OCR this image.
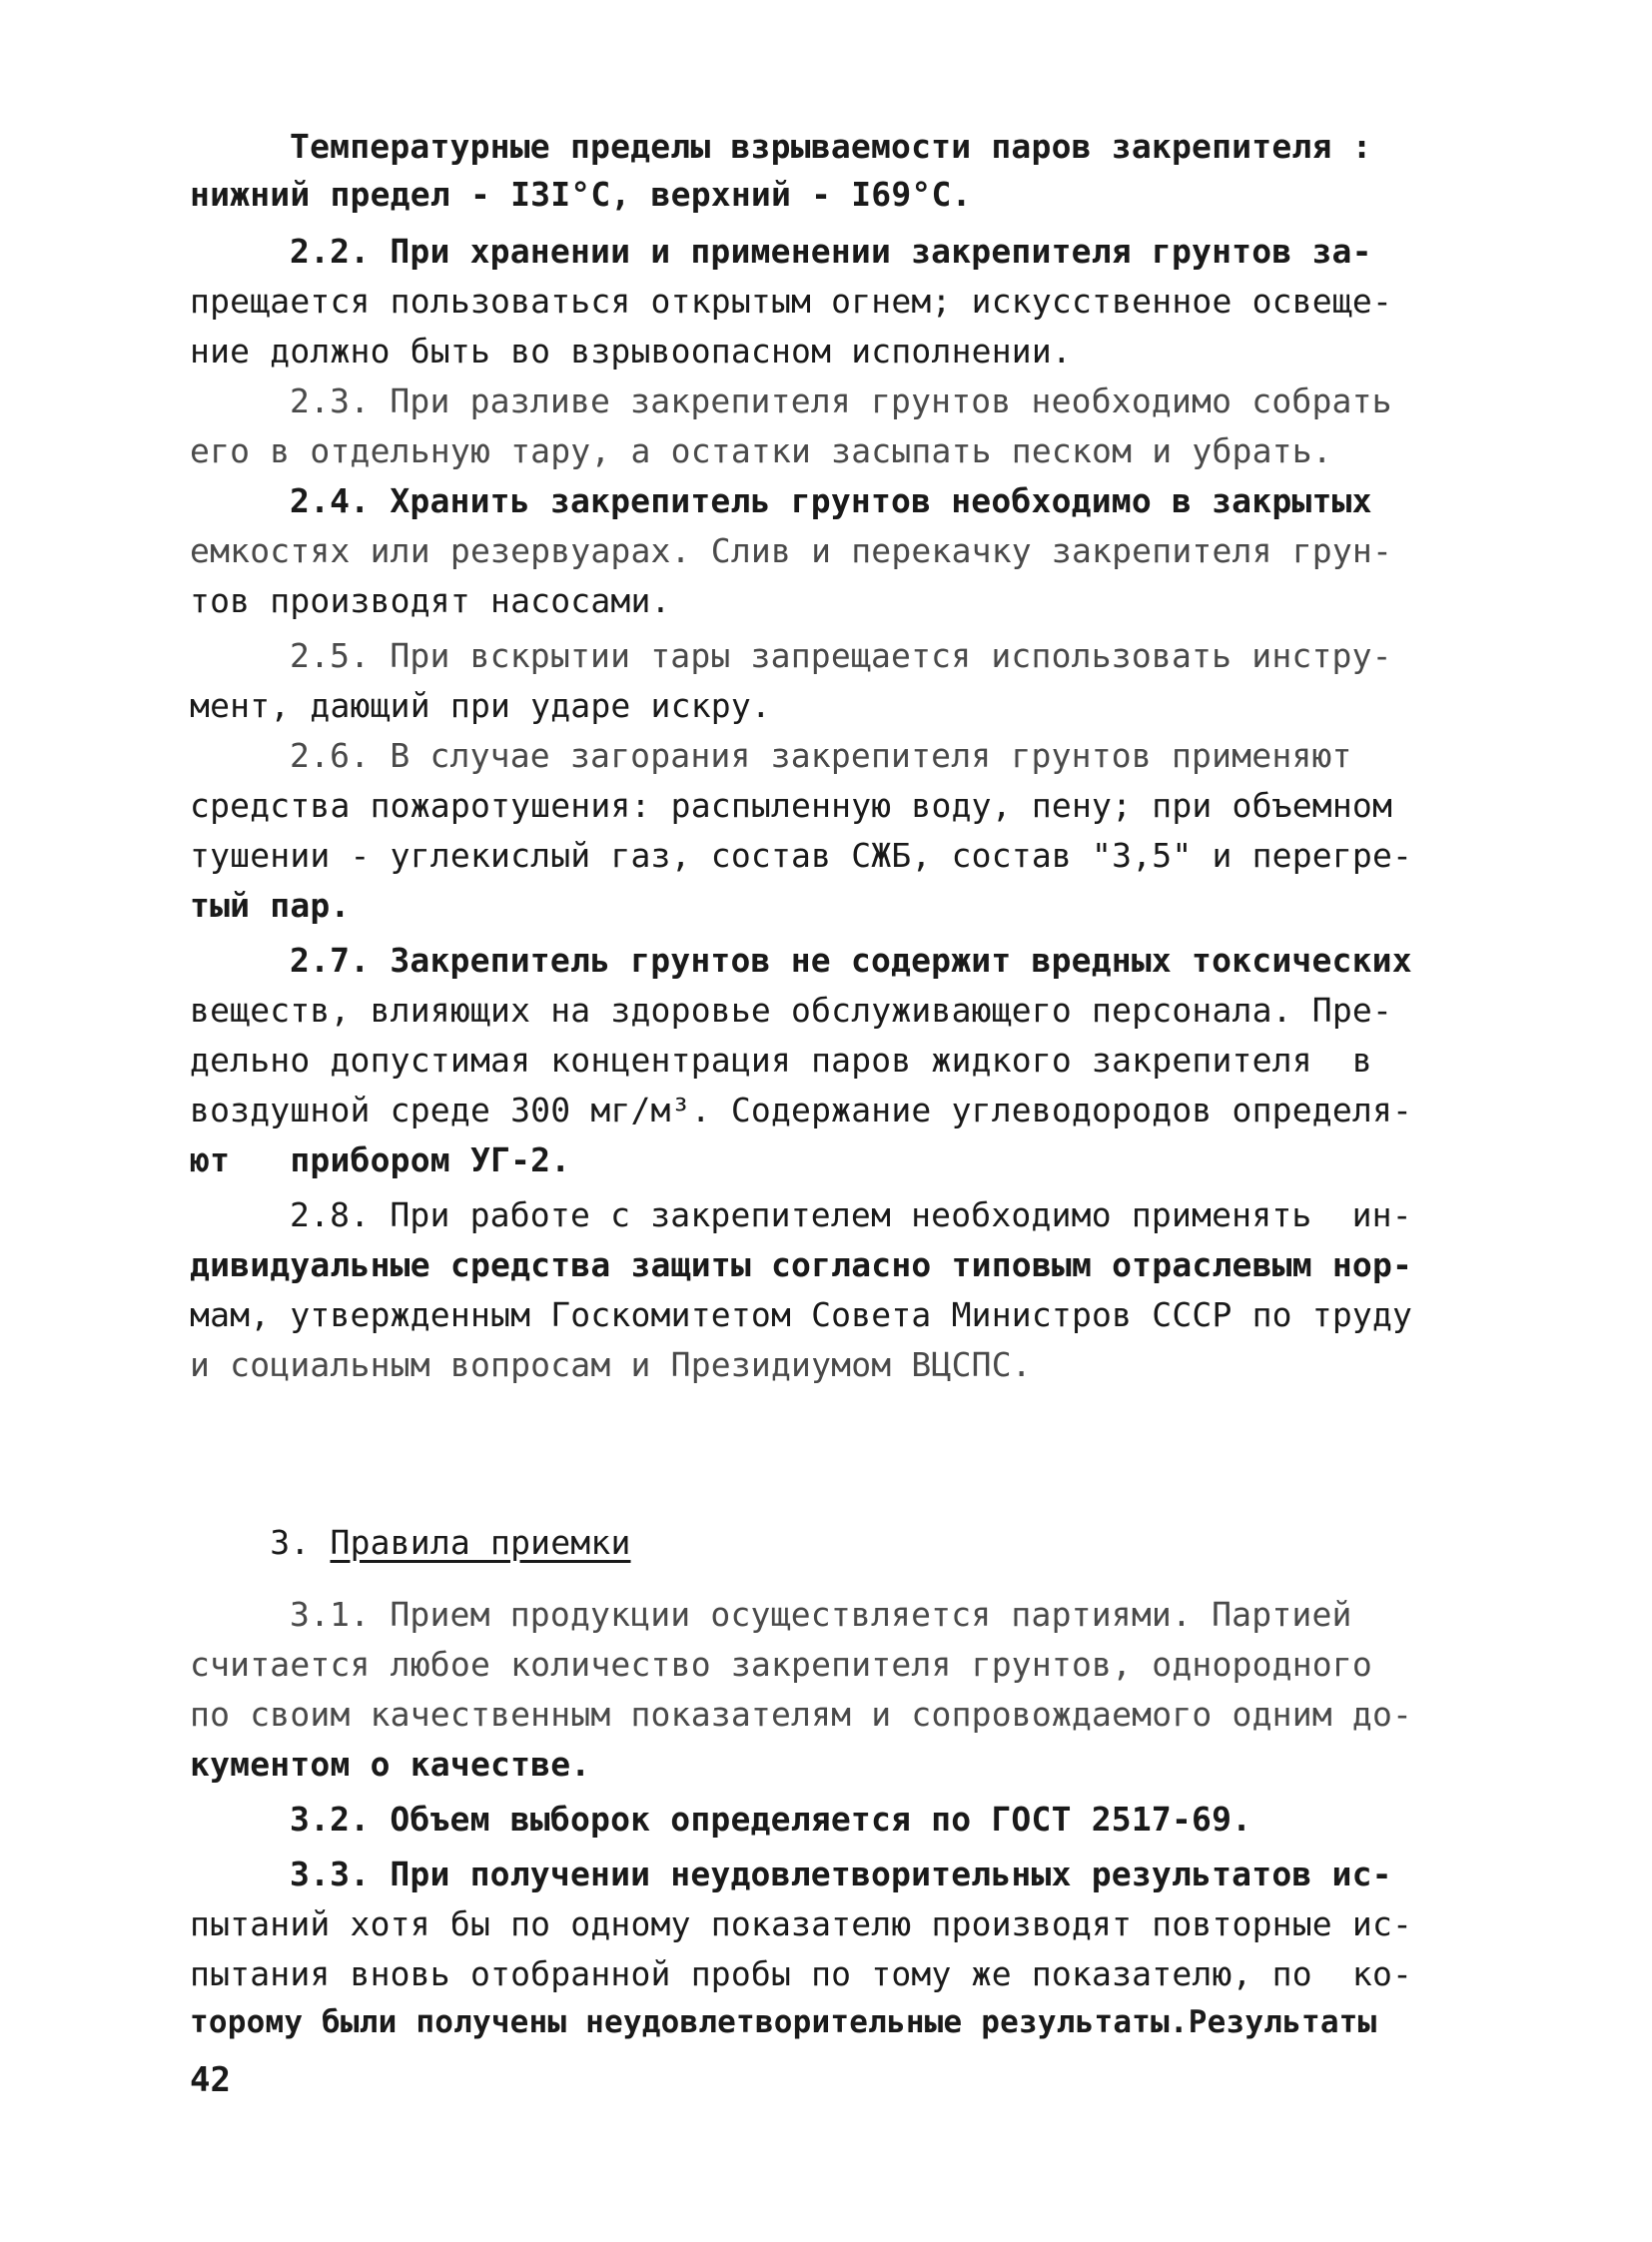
Температурные пределы взрываемости паров закрепителя :
нижний предел - I3I°С, верхний - I69°С.
2.2. При хранении и применении закрепителя грунтов за-
прещается пользоваться открытым огнем; искусственное освеще-
ние должно быть во взрывоопасном исполнении.
2.3. При разливе закрепителя грунтов необходимо собрать
его в отдельную тару, а остатки засыпать песком и убрать.
2.4. Хранить закрепитель грунтов необходимо в закрытых
емкостях или резервуарах. Слив и перекачку закрепителя грун-
тов производят насосами.
2.5. При вскрытии тары запрещается использовать инстру-
мент, дающий при ударе искру.
2.6. В случае загорания закрепителя грунтов применяют
средства пожаротушения: распыленную воду, пену; при объемном
тушении - углекислый газ, состав СЖБ, состав "3,5" и перегре-
тый пар.
2.7. Закрепитель грунтов не содержит вредных токсических
веществ, влияющих на здоровье обслуживающего персонала. Пре-
дельно допустимая концентрация паров жидкого закрепителя  в
воздушной среде 300 мг/м³. Содержание углеводородов определя-
ют   прибором УГ-2.
2.8. При работе с закрепителем необходимо применять  ин-
дивидуальные средства защиты согласно типовым отраслевым нор-
мам, утвержденным Госкомитетом Совета Министров СССР по труду
и социальным вопросам и Президиумом ВЦСПС.

3. Правила приемки

3.1. Прием продукции осуществляется партиями. Партией
считается любое количество закрепителя грунтов, однородного
по своим качественным показателям и сопровождаемого одним до-
кументом о качестве.
3.2. Объем выборок определяется по ГОСТ 2517-69.
3.3. При получении неудовлетворительных результатов ис-
пытаний хотя бы по одному показателю производят повторные ис-
пытания вновь отобранной пробы по тому же показателю, по  ко-
торому были получены неудовлетворительные результаты.Результаты
42
